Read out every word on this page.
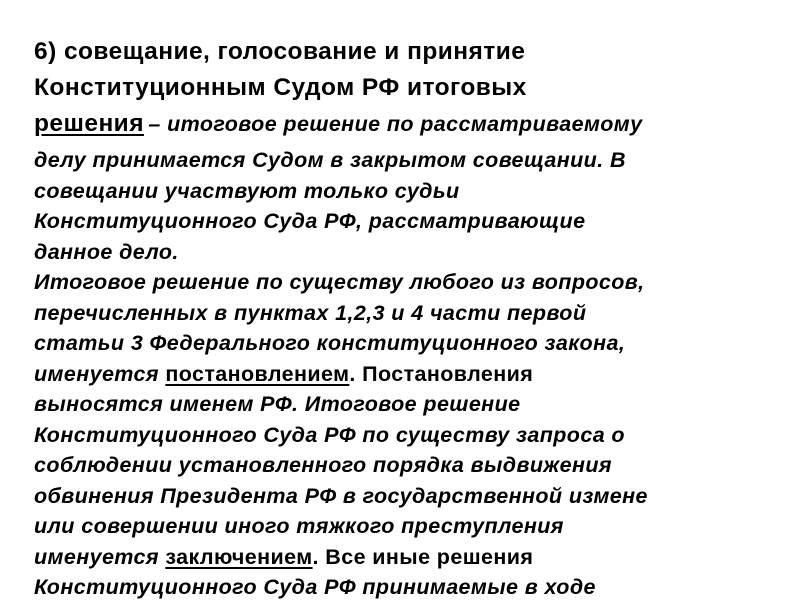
6) совещание, голосование и принятие
Конституционным Судом РФ итоговых
решения – итоговое решение по рассматриваемому
делу принимается Судом в закрытом совещании. В
совещании участвуют только судьи
Конституционного Суда РФ, рассматривающие
данное дело.
Итоговое решение по существу любого из вопросов,
перечисленных в пунктах 1,2,3 и 4 части первой
статьи 3 Федерального конституционного закона,
именуется постановлением. Постановления
выносятся именем РФ. Итоговое решение
Конституционного Суда РФ по существу запроса о
соблюдении установленного порядка выдвижения
обвинения Президента РФ в государственной измене
или совершении иного тяжкого преступления
именуется заключением. Все иные решения
Конституционного Суда РФ принимаемые в ходе
